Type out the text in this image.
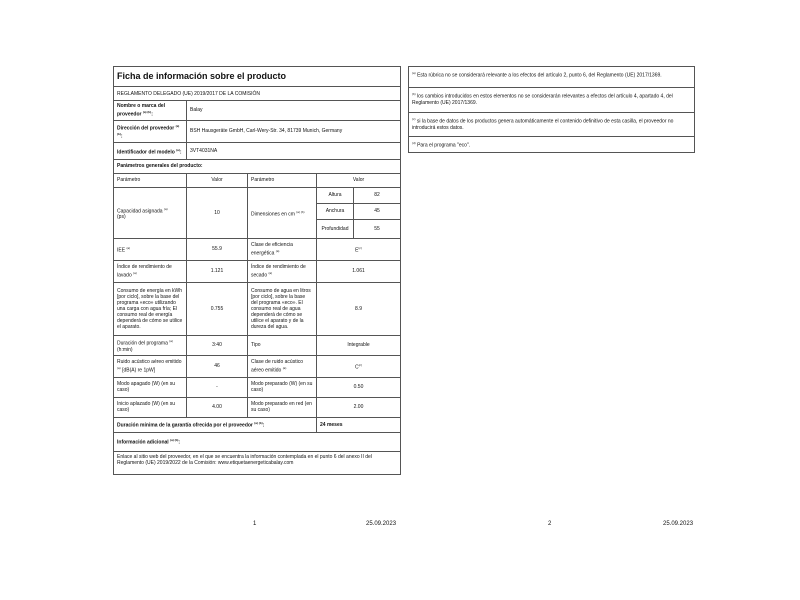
Ficha de información sobre el producto				
REGLAMENTO DELEGADO (UE) 2019/2017 DE LA COMISIÓN				
Nombre o marca del proveedor $^{(a) (b)}$:	Balay			
Dirección del proveedor $^{(a) (b)}$:	BSH Hausgeräte GmbH, Carl-Wery-Str. 34, 81739 Munich, Germany			
Identificador del modelo $^{(a)}$:	3VT4031NA			
Parámetros generales del producto:				
Parámetro	Valor	Parámetro	Valor	
Capacidad asignada $^{(a)}$
(ps)	10	Dimensiones en cm $^{(a) (b)}$	Altura	82
			Anchura	45
			Profundidad	55
IEE $^{(a)}$	55.9	Clase de eficiencia energética $^{(a)}$	$E^{(c)}$
Índice de rendimiento de lavado $^{(a)}$	1.121	Índice de rendimiento de secado $^{(a)}$	1.061	
Consumo de energía en kWh [por ciclo], sobre la base del programa «eco» utilizando una carga con agua fría; El consumo real de energía dependerá de cómo se utilice el aparato.	0.755	Consumo de agua en litros [por ciclo], sobre la base del programa «eco». El consumo real de agua dependerá de cómo se utilice el aparato y de la dureza del agua.	8.9	
Duración del programa $^{(a)}$
(h:min)	3:40	Tipo	Integrable	
Ruido acústico aéreo emitido $^{(a)}$ [dB(A) re 1pW]	46	Clase de ruido acústico aéreo emitido $^{(a)}$	$C^{(c)}$
Modo apagado (W) (en su caso)	-	Modo preparado (W) (en su caso)	0.50	
Inicio aplazado (W) (en su caso)	4.00	Modo preparado en red (en su caso)	2.00	
Duración mínima de la garantía ofrecida por el proveedor $^{(a) (b)}$:			24 meses	
Información adicional $^{(a) (b)}$:				
Enlace al sitio web del proveedor, en el que se encuentra la información contemplada en el punto 6 del anexo II del Reglamento (UE) 2019/2022 de la Comisión: www.etiquetaenergeticabalay.com				
1	25.09.2023
$^{(a)}$ Esta rúbrica no se considerará relevante a los efectos del artículo 2, punto 6, del Reglamento (UE) 2017/1369.
$^{(b)}$ los cambios introducidos en estos elementos no se considerarán relevantes a efectos del artículo 4, apartado 4, del Reglamento (UE) 2017/1369.
$^{(c)}$ si la base de datos de los productos genera automáticamente el contenido definitivo de esta casilla, el proveedor no introducirá estos datos.
$^{(d)}$ Para el programa "eco".
2	25.09.2023
